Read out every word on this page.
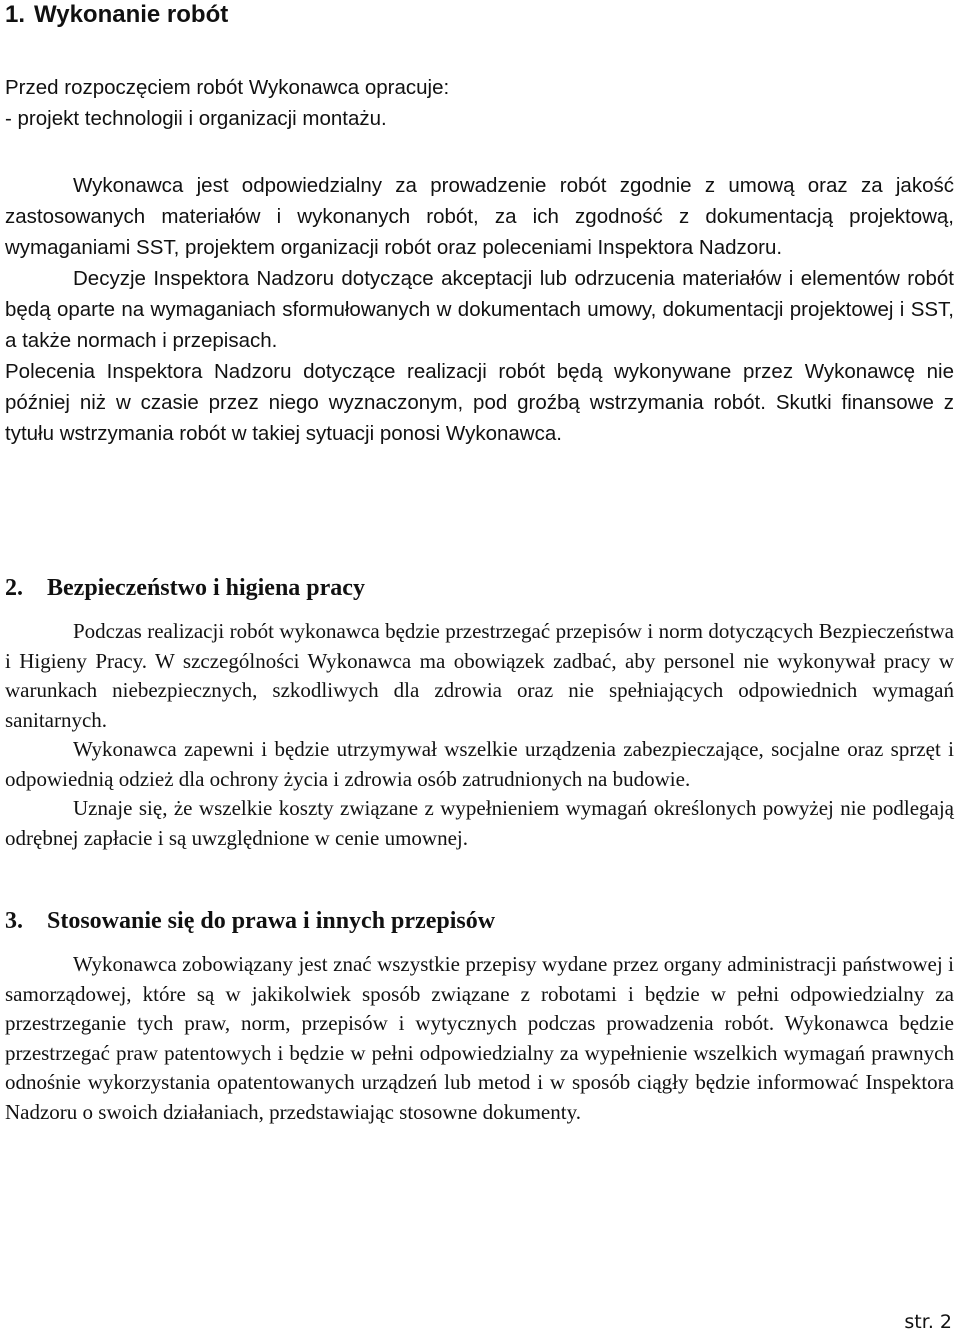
1. Wykonanie robót

Przed rozpoczęciem robót Wykonawca opracuje:

- projekt technologii i organizacji montażu.

Wykonawca jest odpowiedzialny za prowadzenie robót zgodnie z umową oraz za jakość zastosowanych materiałów i wykonanych robót, za ich zgodność z dokumentacją projektową, wymaganiami SST, projektem organizacji robót oraz poleceniami Inspektora Nadzoru.

Decyzje Inspektora Nadzoru dotyczące akceptacji lub odrzucenia materiałów i elementów robót będą oparte na wymaganiach sformułowanych w dokumentach umowy, dokumentacji projektowej i SST, a także normach i przepisach.

Polecenia Inspektora Nadzoru dotyczące realizacji robót będą wykonywane przez Wykonawcę nie później niż w czasie przez niego wyznaczonym, pod groźbą wstrzymania robót. Skutki finansowe z tytułu wstrzymania robót w takiej sytuacji ponosi Wykonawca.

2. Bezpieczeństwo i higiena pracy

Podczas realizacji robót wykonawca będzie przestrzegać przepisów i norm dotyczących Bezpieczeństwa i Higieny Pracy. W szczególności Wykonawca ma obowiązek zadbać, aby personel nie wykonywał pracy w warunkach niebezpiecznych, szkodliwych dla zdrowia oraz nie spełniających odpowiednich wymagań sanitarnych.

Wykonawca zapewni i będzie utrzymywał wszelkie urządzenia zabezpieczające, socjalne oraz sprzęt i odpowiednią odzież dla ochrony życia i zdrowia osób zatrudnionych na budowie.

Uznaje się, że wszelkie koszty związane z wypełnieniem wymagań określonych powyżej nie podlegają odrębnej zapłacie i są uwzględnione w cenie umownej.

3. Stosowanie się do prawa i innych przepisów

Wykonawca zobowiązany jest znać wszystkie przepisy wydane przez organy administracji państwowej i samorządowej, które są w jakikolwiek sposób związane z robotami i będzie w pełni odpowiedzialny za przestrzeganie tych praw, norm, przepisów i wytycznych podczas prowadzenia robót. Wykonawca będzie przestrzegać praw patentowych i będzie w pełni odpowiedzialny za wypełnienie wszelkich wymagań prawnych odnośnie wykorzystania opatentowanych urządzeń lub metod i w sposób ciągły będzie informować Inspektora Nadzoru o swoich działaniach, przedstawiając stosowne dokumenty.

str. 2
